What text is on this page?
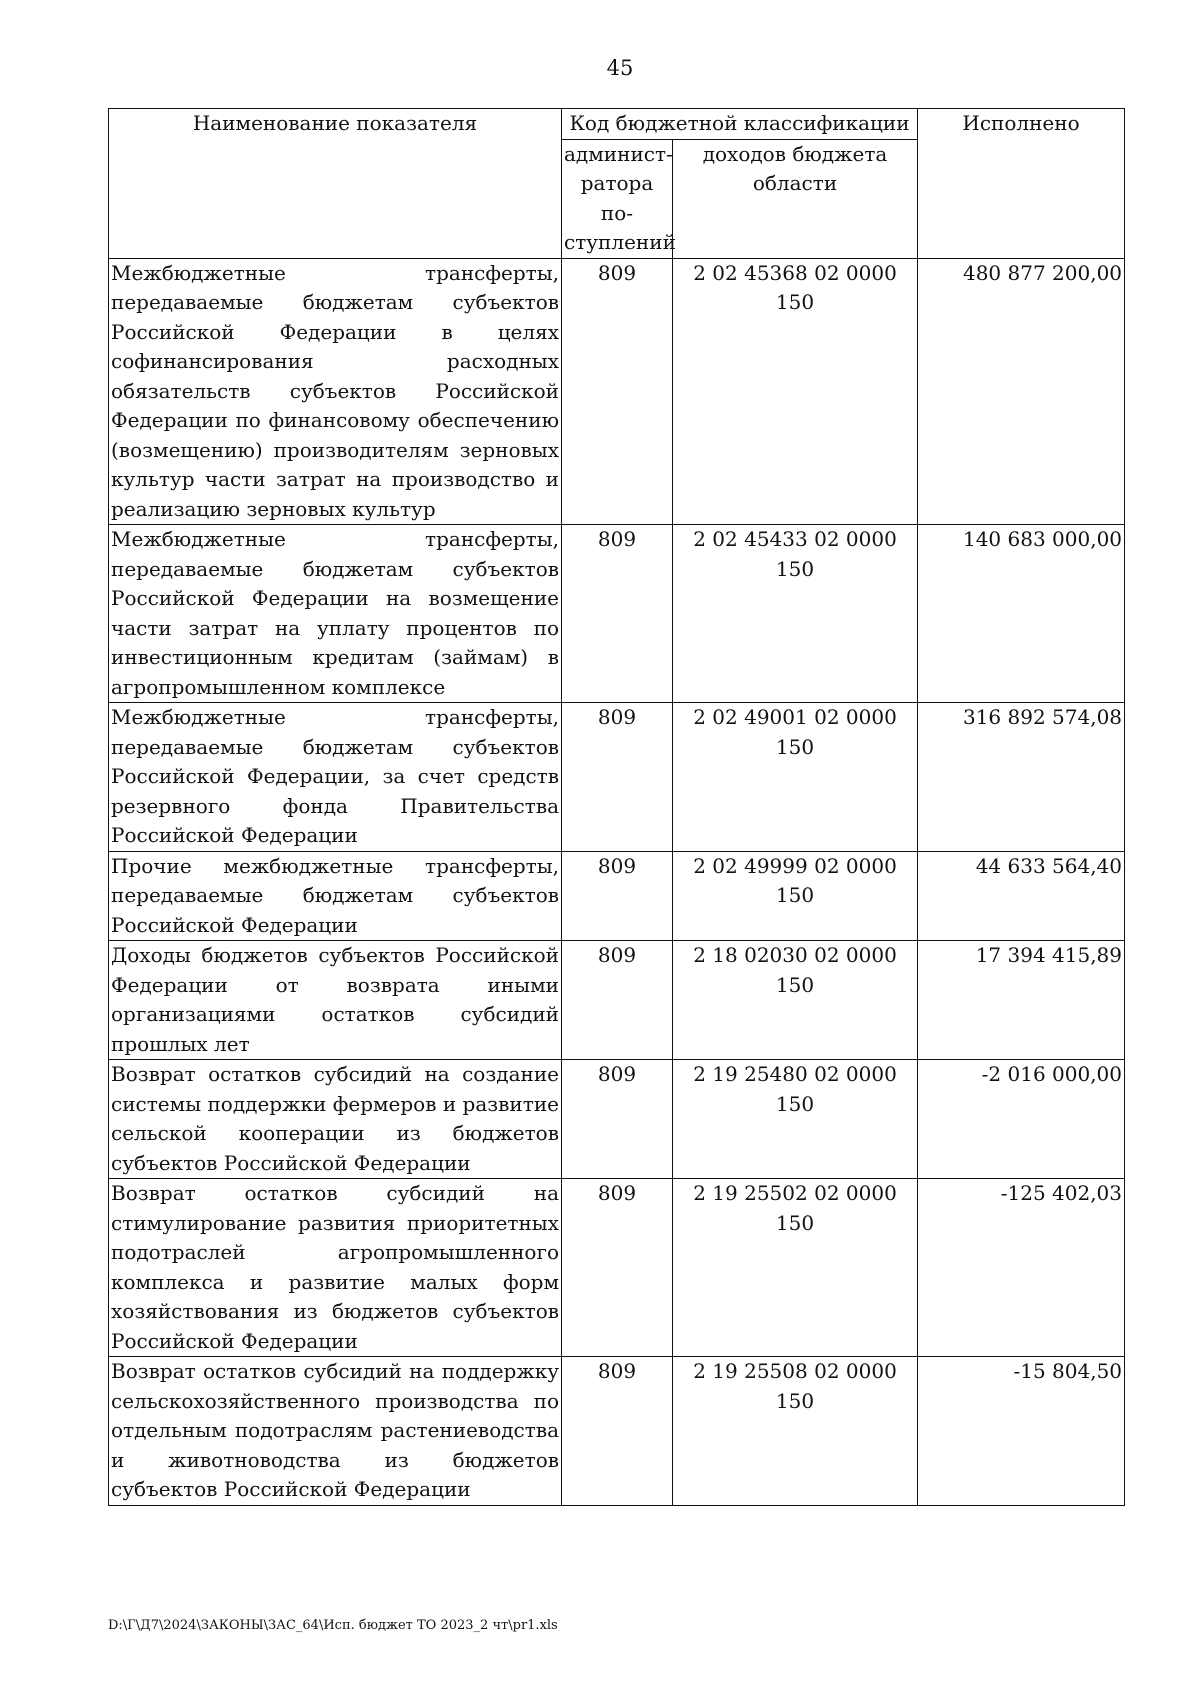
45
Наименование показателя	Код бюджетной классификации		Исполнено
	админист-ратора по-ступлений	доходов бюджета области	
Межбюджетные трансферты, передаваемые бюджетам субъектов Российской Федерации в целях софинансирования расходных обязательств субъектов Российской Федерации по финансовому обеспечению (возмещению) производителям зерновых культур части затрат на производство и реализацию зерновых культур	809	2 02 45368 02 0000 150	480 877 200,00
Межбюджетные трансферты, передаваемые бюджетам субъектов Российской Федерации на возмещение части затрат на уплату процентов по инвестиционным кредитам (займам) в агропромышленном комплексе	809	2 02 45433 02 0000 150	140 683 000,00
Межбюджетные трансферты, передаваемые бюджетам субъектов Российской Федерации, за счет средств резервного фонда Правительства Российской Федерации	809	2 02 49001 02 0000 150	316 892 574,08
Прочие межбюджетные трансферты, передаваемые бюджетам субъектов Российской Федерации	809	2 02 49999 02 0000 150	44 633 564,40
Доходы бюджетов субъектов Российской Федерации от возврата иными организациями остатков субсидий прошлых лет	809	2 18 02030 02 0000 150	17 394 415,89
Возврат остатков субсидий на создание системы поддержки фермеров и развитие сельской кооперации из бюджетов субъектов Российской Федерации	809	2 19 25480 02 0000 150	-2 016 000,00
Возврат остатков субсидий на стимулирование развития приоритетных подотраслей агропромышленного комплекса и развитие малых форм хозяйствования из бюджетов субъектов Российской Федерации	809	2 19 25502 02 0000 150	-125 402,03
Возврат остатков субсидий на поддержку сельскохозяйственного производства по отдельным подотраслям растениеводства и животноводства из бюджетов субъектов Российской Федерации	809	2 19 25508 02 0000 150	-15 804,50
D:\Г\Д7\2024\ЗАКОНЫ\ЗАС_64\Исп. бюджет ТО 2023_2 чт\pr1.xls
